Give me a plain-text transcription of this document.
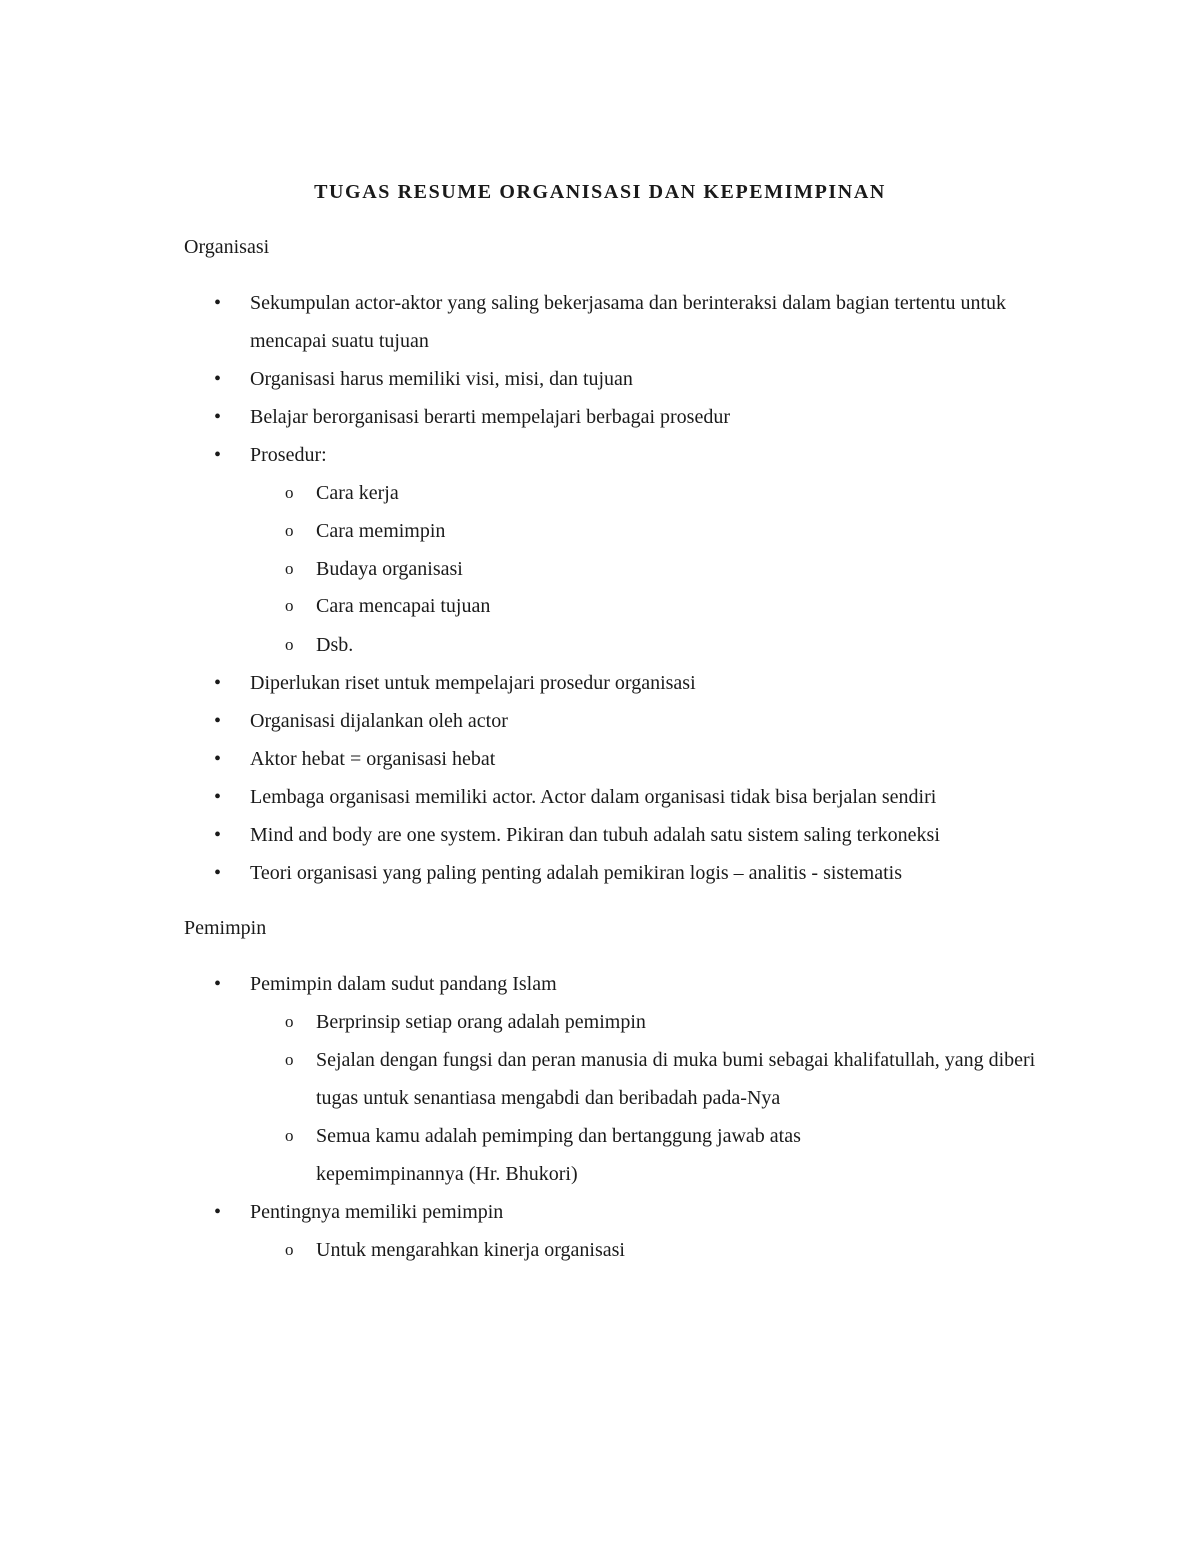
TUGAS RESUME ORGANISASI DAN KEPEMIMPINAN
Organisasi
• Sekumpulan actor-aktor yang saling bekerjasama dan berinteraksi dalam bagian tertentu untuk mencapai suatu tujuan
• Organisasi harus memiliki visi, misi, dan tujuan
• Belajar berorganisasi berarti mempelajari berbagai prosedur
• Prosedur:
o Cara kerja
o Cara memimpin
o Budaya organisasi
o Cara mencapai tujuan
o Dsb.
• Diperlukan riset untuk mempelajari prosedur organisasi
• Organisasi dijalankan oleh actor
• Aktor hebat = organisasi hebat
• Lembaga organisasi memiliki actor. Actor dalam organisasi tidak bisa berjalan sendiri
• Mind and body are one system. Pikiran dan tubuh adalah satu sistem saling terkoneksi
• Teori organisasi yang paling penting adalah pemikiran logis – analitis - sistematis
Pemimpin
• Pemimpin dalam sudut pandang Islam
o Berprinsip setiap orang adalah pemimpin
o Sejalan dengan fungsi dan peran manusia di muka bumi sebagai khalifatullah, yang diberi tugas untuk senantiasa mengabdi dan beribadah pada-Nya
o Semua kamu adalah pemimping dan bertanggung jawab atas kepemimpinannya (Hr. Bhukori)
• Pentingnya memiliki pemimpin
o Untuk mengarahkan kinerja organisasi
